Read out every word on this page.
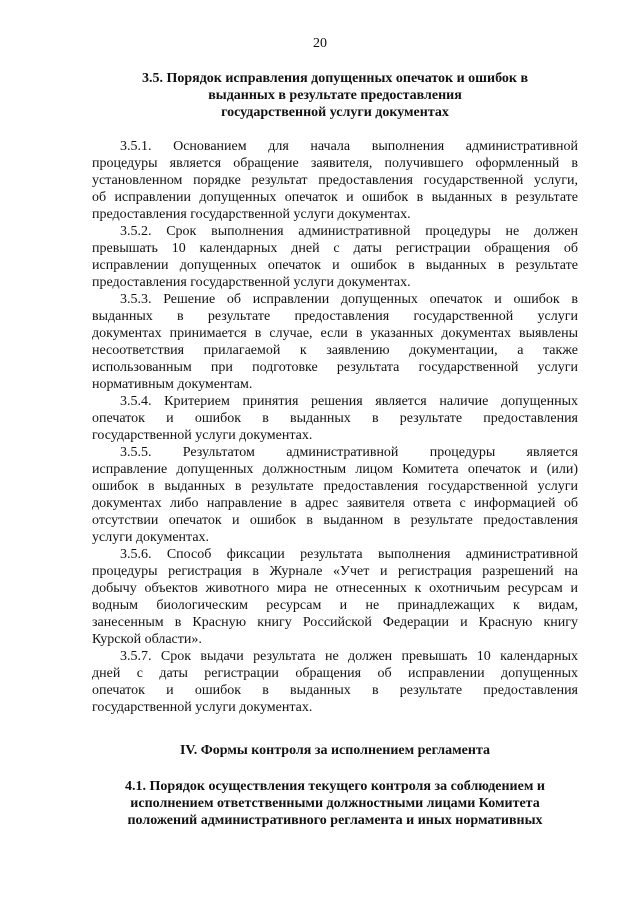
20
3.5. Порядок исправления допущенных опечаток и ошибок в
выданных в результате предоставления
государственной услуги документах
3.5.1. Основанием для начала выполнения административной
процедуры является обращение заявителя, получившего оформленный в
установленном порядке результат предоставления государственной услуги,
об исправлении допущенных опечаток и ошибок в выданных в результате
предоставления государственной услуги документах.
3.5.2. Срок выполнения административной процедуры не должен
превышать 10 календарных дней с даты регистрации обращения об
исправлении допущенных опечаток и ошибок в выданных в результате
предоставления государственной услуги документах.
3.5.3. Решение об исправлении допущенных опечаток и ошибок в
выданных в результате предоставления государственной услуги
документах принимается в случае, если в указанных документах выявлены
несоответствия прилагаемой к заявлению документации, а также
использованным при подготовке результата государственной услуги
нормативным документам.
3.5.4. Критерием принятия решения является наличие допущенных
опечаток и ошибок в выданных в результате предоставления
государственной услуги документах.
3.5.5. Результатом административной процедуры является
исправление допущенных должностным лицом Комитета опечаток и (или)
ошибок в выданных в результате предоставления государственной услуги
документах либо направление в адрес заявителя ответа с информацией об
отсутствии опечаток и ошибок в выданном в результате предоставления
услуги документах.
3.5.6. Способ фиксации результата выполнения административной
процедуры регистрация в Журнале «Учет и регистрация разрешений на
добычу объектов животного мира не отнесенных к охотничьим ресурсам и
водным биологическим ресурсам и не принадлежащих к видам,
занесенным в Красную книгу Российской Федерации и Красную книгу
Курской области».
3.5.7. Срок выдачи результата не должен превышать 10 календарных
дней с даты регистрации обращения об исправлении допущенных
опечаток и ошибок в выданных в результате предоставления
государственной услуги документах.
IV. Формы контроля за исполнением регламента
4.1. Порядок осуществления текущего контроля за соблюдением и
исполнением ответственными должностными лицами Комитета
положений административного регламента и иных нормативных
